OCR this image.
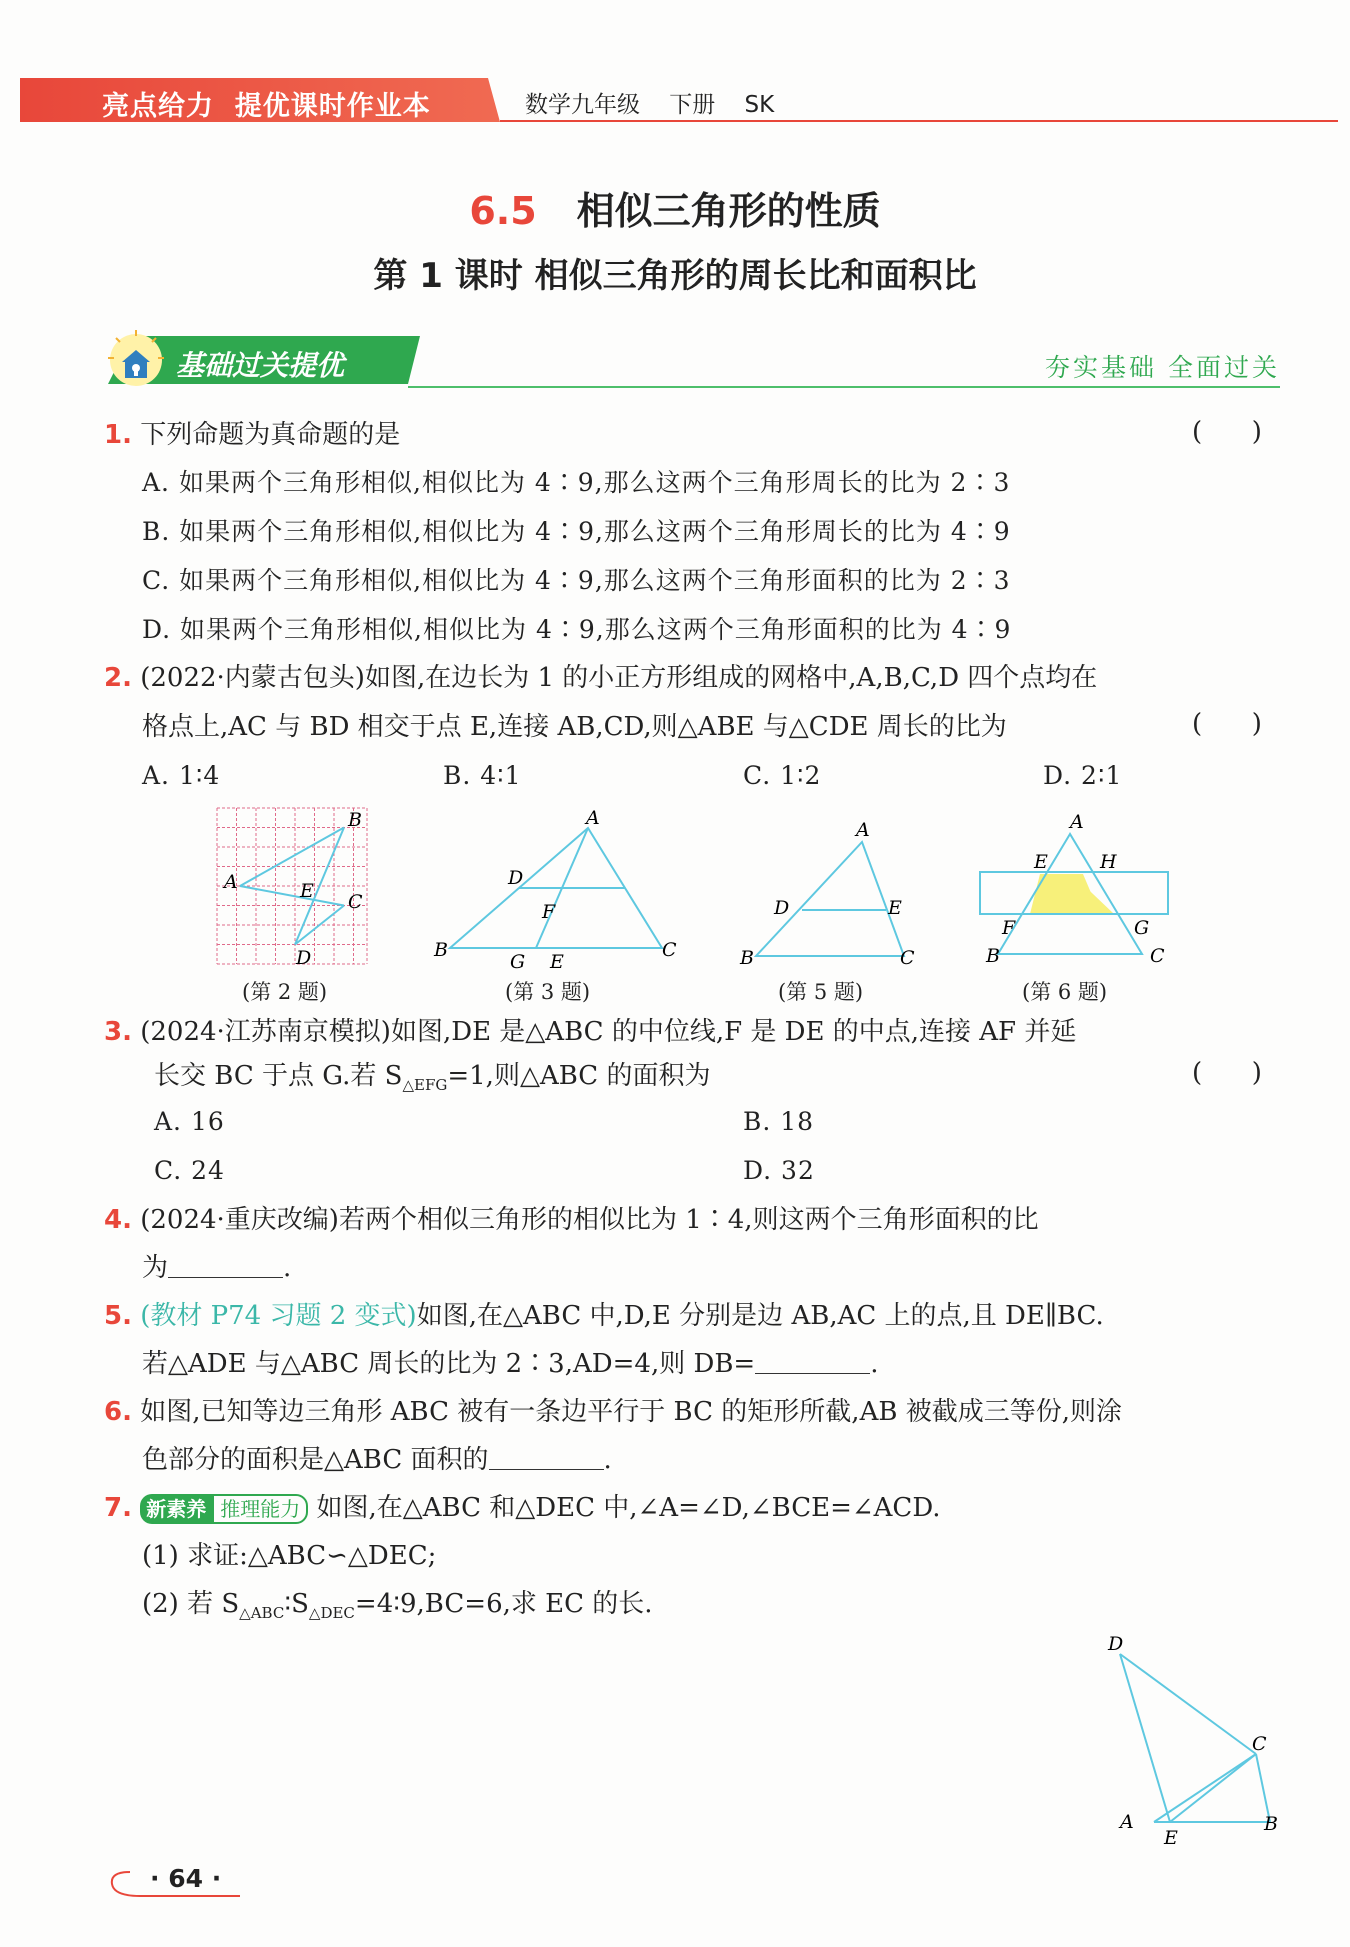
亮点给力  提优课时作业本	数学九年级    下册    SK
6.5 相似三角形的性质
第 1 课时 相似三角形的周长比和面积比
基础过关提优	夯实基础 全面过关
1. 下列命题为真命题的是	(      )
A. 如果两个三角形相似,相似比为 4∶9,那么这两个三角形周长的比为 2∶3
B. 如果两个三角形相似,相似比为 4∶9,那么这两个三角形周长的比为 4∶9
C. 如果两个三角形相似,相似比为 4∶9,那么这两个三角形面积的比为 2∶3
D. 如果两个三角形相似,相似比为 4∶9,那么这两个三角形面积的比为 4∶9
2. (2022·内蒙古包头)如图,在边长为 1 的小正方形组成的网格中,A,B,C,D 四个点均在
格点上,AC 与 BD 相交于点 E,连接 AB,CD,则△ABE 与△CDE 周长的比为	(      )
A. 1∶4	B. 4∶1	C. 1∶2	D. 2∶1
A
B
C
D
E
(第 2 题)
A
B	C
D
F
G E
(第 3 题)
A
B	C
D	E
(第 5 题)
A
B	C
E	H
F	G
(第 6 题)
3. (2024·江苏南京模拟)如图,DE 是△ABC 的中位线,F 是 DE 的中点,连接 AF 并延
长交 BC 于点 G.若 $S_{\triangle EFG}=1$,则△ABC 的面积为	(      )
A. 16	B. 18
C. 24	D. 32
4. (2024·重庆改编)若两个相似三角形的相似比为 1∶4,则这两个三角形面积的比
为	.
5. (教材 P74 习题 2 变式)如图,在△ABC 中,D,E 分别是边 AB,AC 上的点,且 DE∥BC.
若△ADE 与△ABC 周长的比为 2∶3,AD=4,则 DB=	.
6. 如图,已知等边三角形 ABC 被有一条边平行于 BC 的矩形所截,AB 被截成三等份,则涂
色部分的面积是△ABC 面积的	.
7. 新素养 推理能力 如图,在△ABC 和△DEC 中,∠A=∠D,∠BCE=∠ACD.
(1) 求证:△ABC∽△DEC;
(2) 若 $S_{\triangle ABC}∶S_{\triangle DEC}=4∶9,BC=6$,求 EC 的长.
D
C
A
E
B
· 64 ·
